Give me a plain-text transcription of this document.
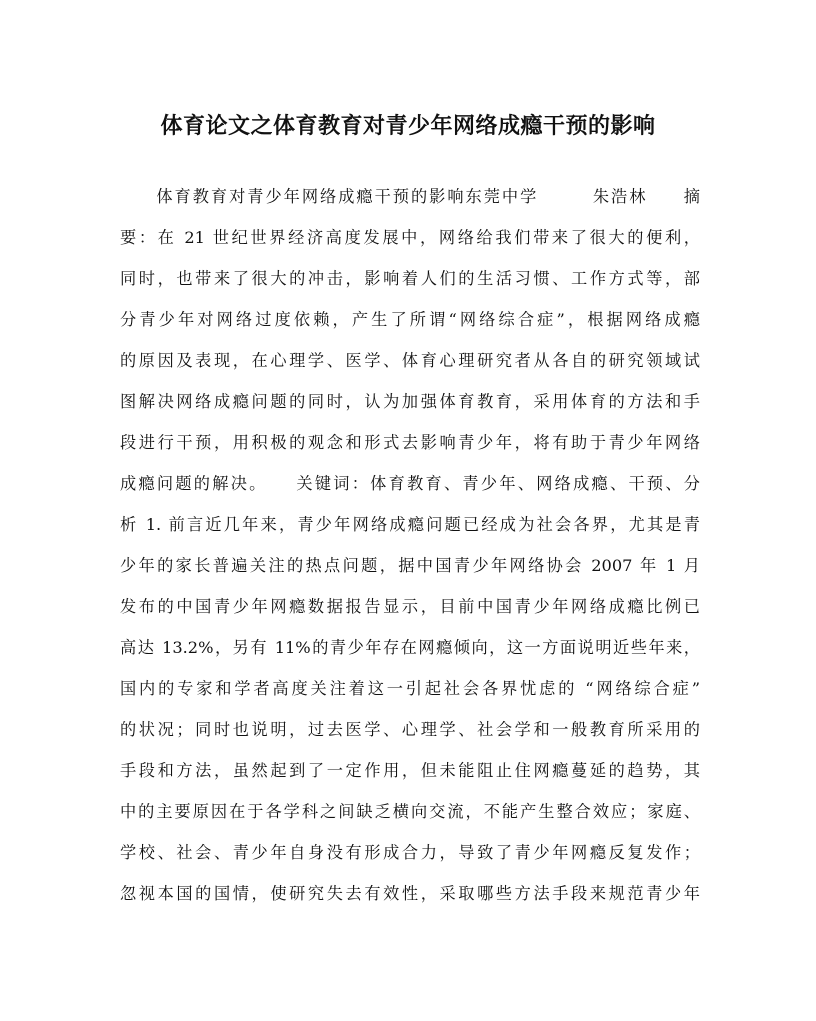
体育论文之体育教育对青少年网络成瘾干预的影响
　　体育教育对青少年网络成瘾干预的影响东莞中学　　　朱浩林　　摘
要：在 21 世纪世界经济高度发展中，网络给我们带来了很大的便利，
同时，也带来了很大的冲击，影响着人们的生活习惯、工作方式等，部
分青少年对网络过度依赖，产生了所谓“网络综合症”，根据网络成瘾
的原因及表现，在心理学、医学、体育心理研究者从各自的研究领域试
图解决网络成瘾问题的同时，认为加强体育教育，采用体育的方法和手
段进行干预，用积极的观念和形式去影响青少年，将有助于青少年网络
成瘾问题的解决。　　关键词：体育教育、青少年、网络成瘾、干预、分
析 1. 前言近几年来，青少年网络成瘾问题已经成为社会各界，尤其是青
少年的家长普遍关注的热点问题，据中国青少年网络协会 2007 年 1 月
发布的中国青少年网瘾数据报告显示，目前中国青少年网络成瘾比例已
高达 13.2%，另有 11%的青少年存在网瘾倾向，这一方面说明近些年来，
国内的专家和学者高度关注着这一引起社会各界忧虑的 “网络综合症”
的状况；同时也说明，过去医学、心理学、社会学和一般教育所采用的
手段和方法，虽然起到了一定作用，但未能阻止住网瘾蔓延的趋势，其
中的主要原因在于各学科之间缺乏横向交流，不能产生整合效应；家庭、
学校、社会、青少年自身没有形成合力，导致了青少年网瘾反复发作；
忽视本国的国情，使研究失去有效性，采取哪些方法手段来规范青少年
